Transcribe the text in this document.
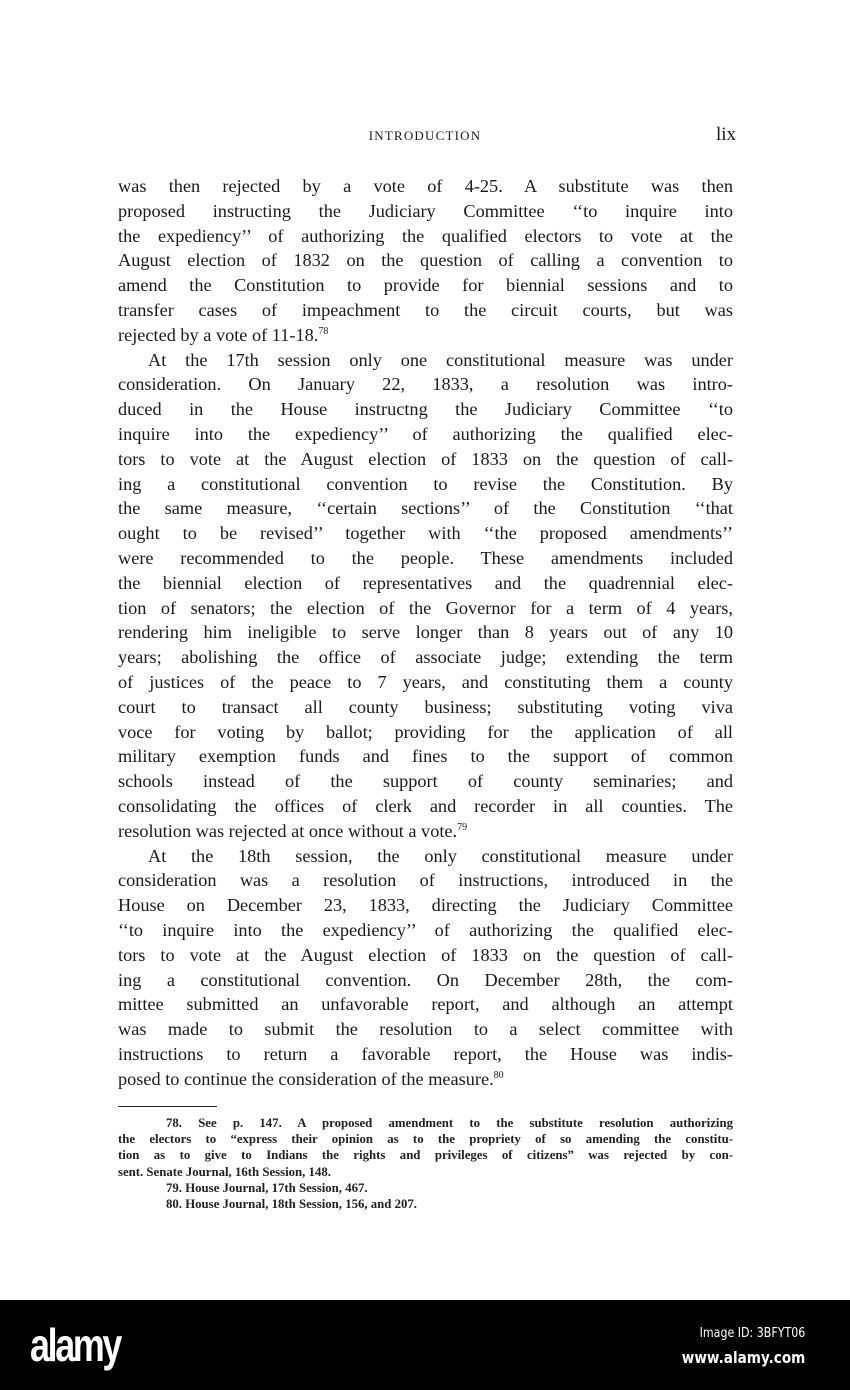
INTRODUCTION	lix
was then rejected by a vote of 4-25. A substitute was then
proposed instructing the Judiciary Committee ‘‘to inquire into
the expediency’’ of authorizing the qualified electors to vote at the
August election of 1832 on the question of calling a convention to
amend the Constitution to provide for biennial sessions and to
transfer cases of impeachment to the circuit courts, but was
rejected by a vote of 11-18.78
At the 17th session only one constitutional measure was under
consideration. On January 22, 1833, a resolution was intro-
duced in the House instructng the Judiciary Committee ‘‘to
inquire into the expediency’’ of authorizing the qualified elec-
tors to vote at the August election of 1833 on the question of call-
ing a constitutional convention to revise the Constitution. By
the same measure, ‘‘certain sections’’ of the Constitution ‘‘that
ought to be revised’’ together with ‘‘the proposed amendments’’
were recommended to the people. These amendments included
the biennial election of representatives and the quadrennial elec-
tion of senators; the election of the Governor for a term of 4 years,
rendering him ineligible to serve longer than 8 years out of any 10
years; abolishing the office of associate judge; extending the term
of justices of the peace to 7 years, and constituting them a county
court to transact all county business; substituting voting viva
voce for voting by ballot; providing for the application of all
military exemption funds and fines to the support of common
schools instead of the support of county seminaries; and
consolidating the offices of clerk and recorder in all counties. The
resolution was rejected at once without a vote.$^{79}$
At the 18th session, the only constitutional measure under
consideration was a resolution of instructions, introduced in the
House on December 23, 1833, directing the Judiciary Committee
‘‘to inquire into the expediency’’ of authorizing the qualified elec-
tors to vote at the August election of 1833 on the question of call-
ing a constitutional convention. On December 28th, the com-
mittee submitted an unfavorable report, and although an attempt
was made to submit the resolution to a select committee with
instructions to return a favorable report, the House was indis-
posed to continue the consideration of the measure.$^{80}$
78. See p. 147. A proposed amendment to the substitute resolution authorizing
the electors to “express their opinion as to the propriety of so amending the constitu-
tion as to give to Indians the rights and privileges of citizens” was rejected by con-
sent. Senate Journal, 16th Session, 148.
79. House Journal, 17th Session, 467.
80. House Journal, 18th Session, 156, and 207.
alamy	Image ID: 3BFYT06
www.alamy.com
